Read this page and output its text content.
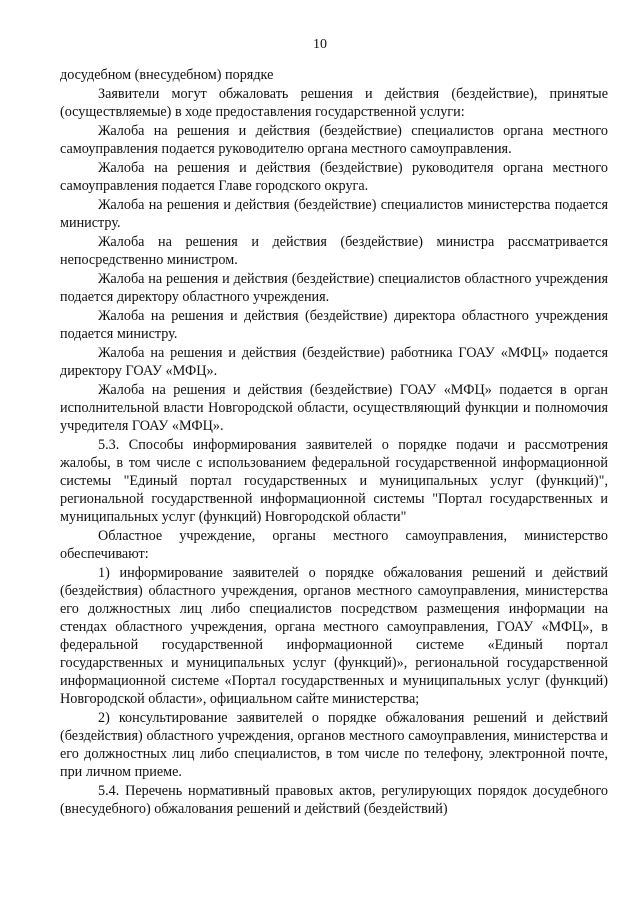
10

досудебном (внесудебном) порядке

Заявители могут обжаловать решения и действия (бездействие), принятые (осуществляемые) в ходе предоставления государственной услуги:

Жалоба на решения и действия (бездействие) специалистов органа местного самоуправления подается руководителю органа местного самоуправления.

Жалоба на решения и действия (бездействие) руководителя органа местного самоуправления подается Главе городского округа.

Жалоба на решения и действия (бездействие) специалистов министерства подается министру.

Жалоба на решения и действия (бездействие) министра рассматривается непосредственно министром.

Жалоба на решения и действия (бездействие) специалистов областного учреждения подается директору областного учреждения.

Жалоба на решения и действия (бездействие) директора областного учреждения подается министру.

Жалоба на решения и действия (бездействие) работника ГОАУ «МФЦ» подается директору ГОАУ «МФЦ».

Жалоба на решения и действия (бездействие) ГОАУ «МФЦ» подается в орган исполнительной власти Новгородской области, осуществляющий функции и полномочия учредителя ГОАУ «МФЦ».

5.3. Способы информирования заявителей о порядке подачи и рассмотрения жалобы, в том числе с использованием федеральной государственной информационной системы "Единый портал государственных и муниципальных услуг (функций)", региональной государственной информационной системы "Портал государственных и муниципальных услуг (функций) Новгородской области"

Областное учреждение, органы местного самоуправления, министерство обеспечивают:

1) информирование заявителей о порядке обжалования решений и действий (бездействия) областного учреждения, органов местного самоуправления, министерства его должностных лиц либо специалистов посредством размещения информации на стендах областного учреждения, органа местного самоуправления, ГОАУ «МФЦ», в федеральной государственной информационной системе «Единый портал государственных и муниципальных услуг (функций)», региональной государственной информационной системе «Портал государственных и муниципальных услуг (функций) Новгородской области», официальном сайте министерства;

2) консультирование заявителей о порядке обжалования решений и действий (бездействия) областного учреждения, органов местного самоуправления, министерства и его должностных лиц либо специалистов, в том числе по телефону, электронной почте, при личном приеме.

5.4. Перечень нормативный правовых актов, регулирующих порядок досудебного (внесудебного) обжалования решений и действий (бездействий)
